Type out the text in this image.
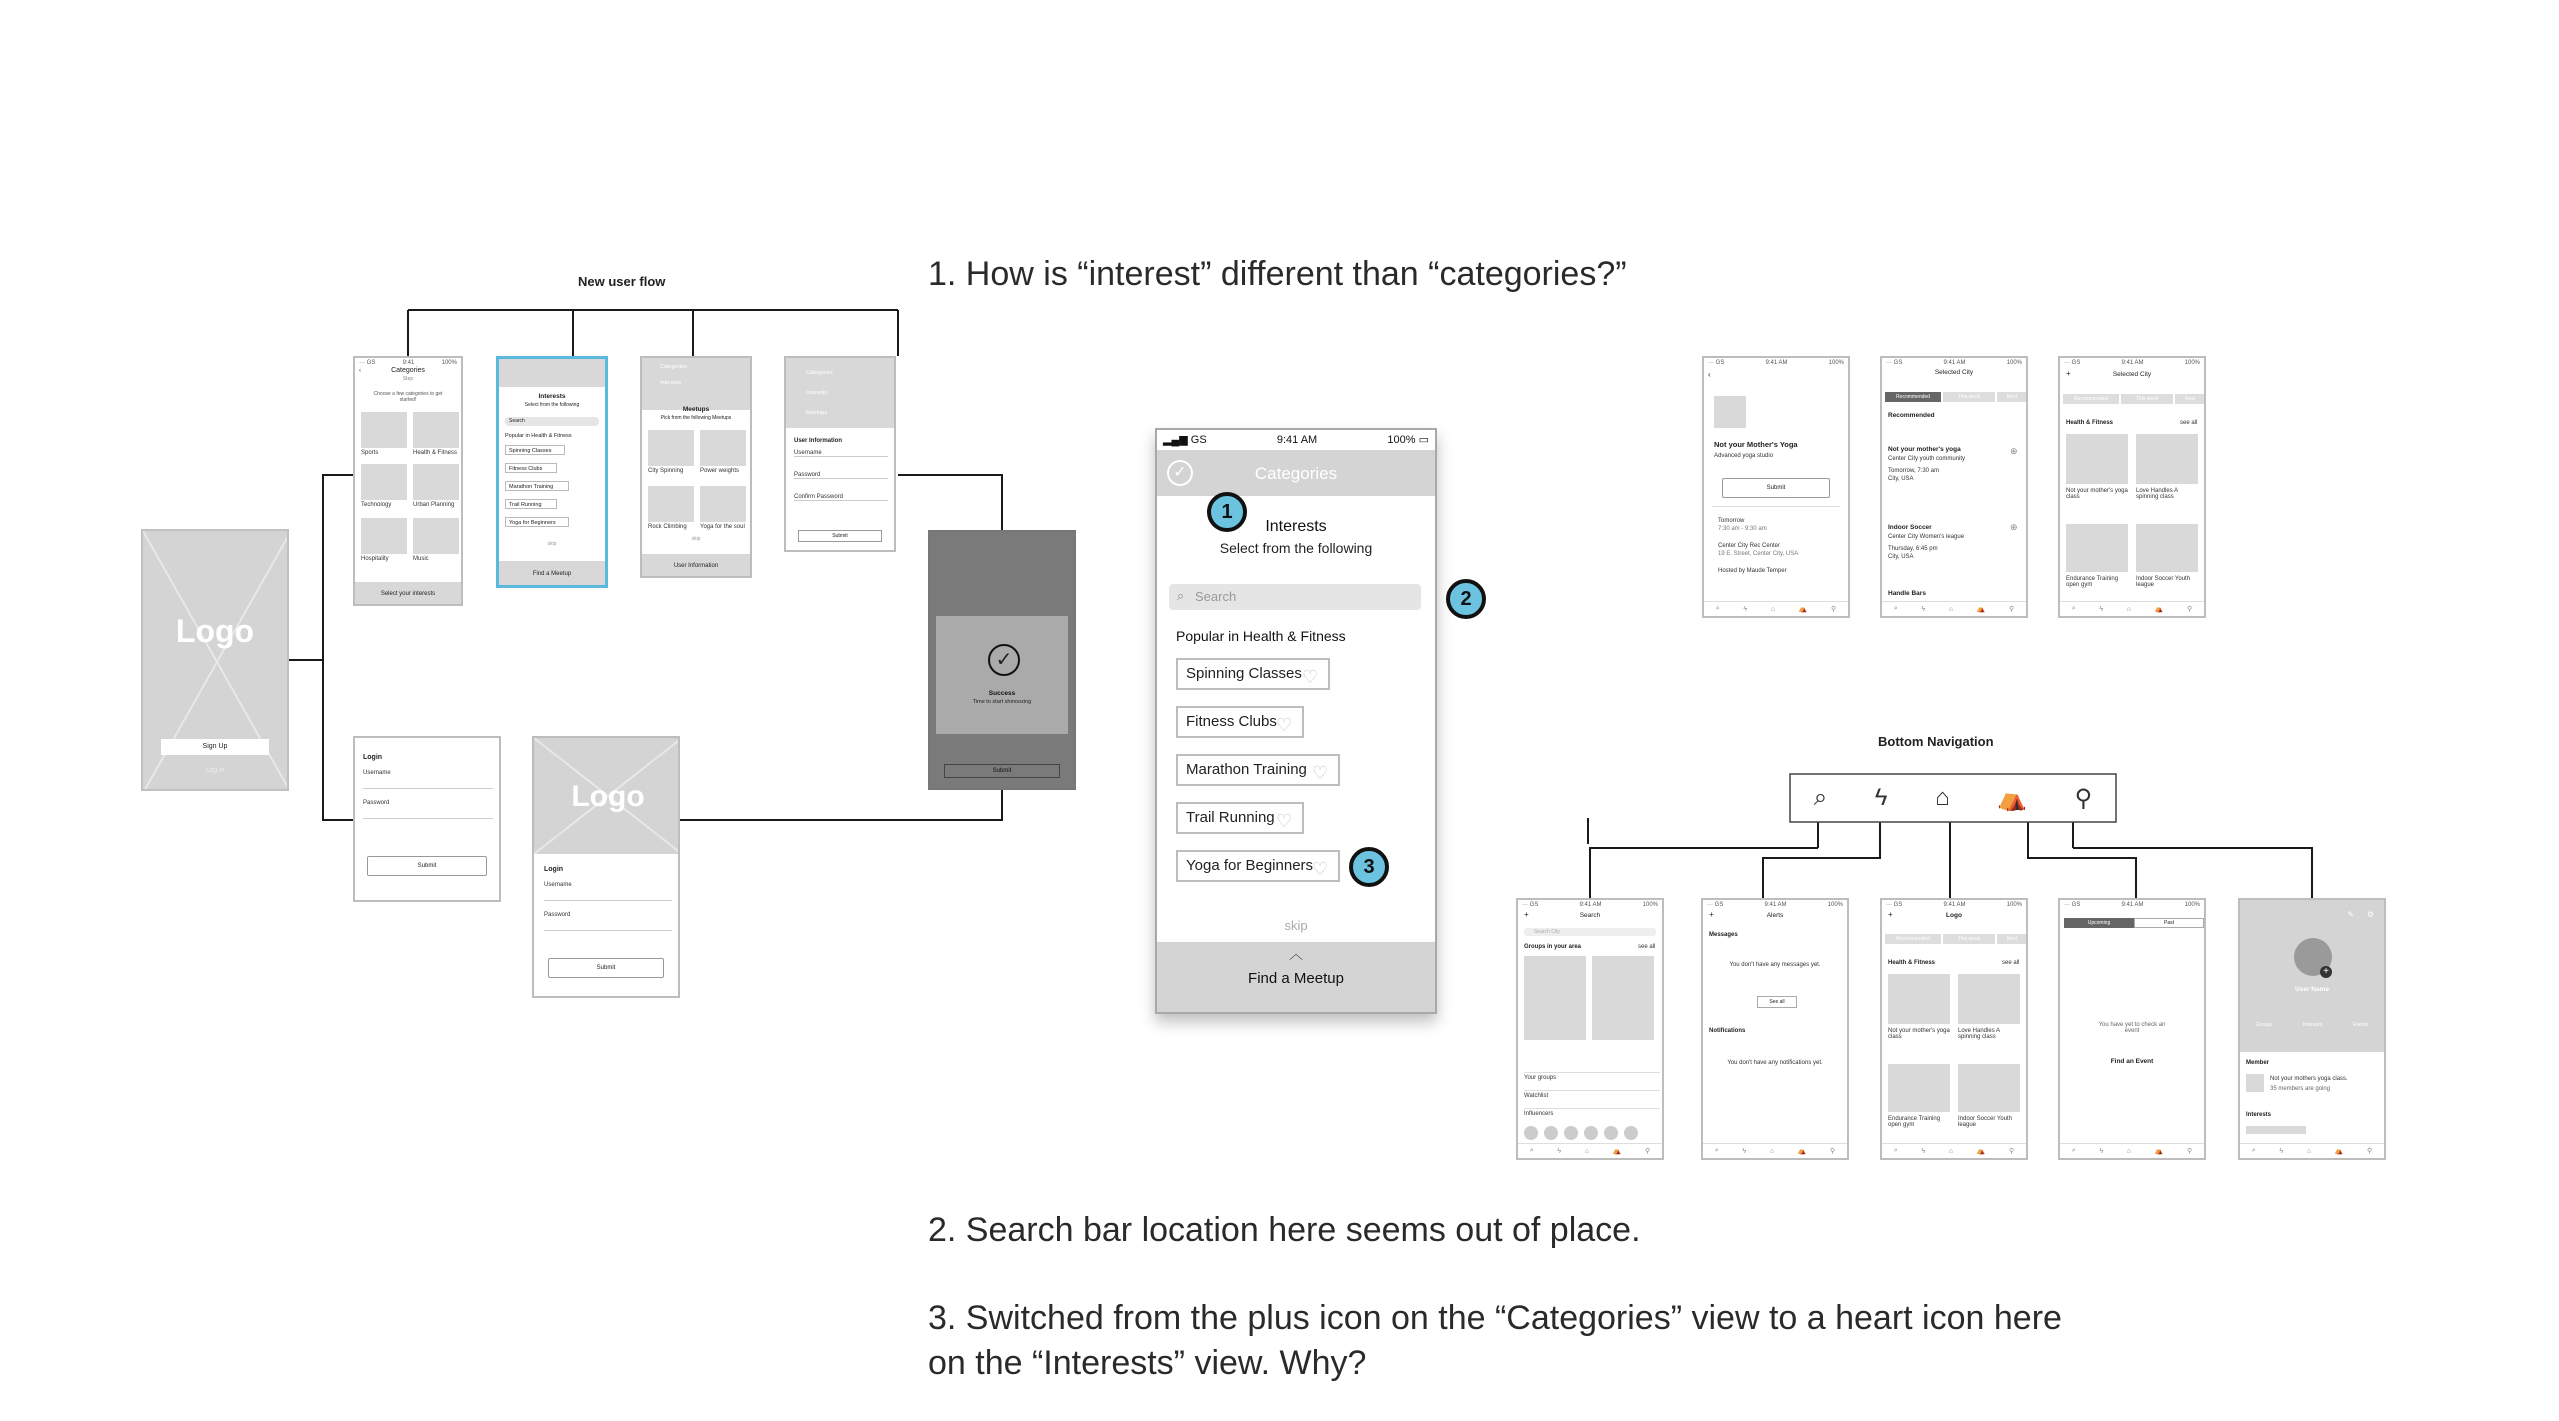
1. How is “interest” different than “categories?”
2. Search bar location here seems out of place.
3. Switched from the plus icon on the “Categories” view to a heart icon here on the “Interests” view. Why?
New user flow
Logo
Sign Up
Log in
··· GS	9:41	100%
‹	Categories
Step
Choose a few categories to get started!
Sports	Health & Fitness
Technology	Urban Planning
Hospitality	Music
Select your interests
Interests
Select from the following
Search
Popular in Health & Fitness
Spinning Classes
Fitness Clubs
Marathon Training
Trail Running
Yoga for Beginners
skip
Find a Meetup
Categories
Interests
Meetups
Pick from the following Meetups
City Spinning	Power weights
Rock Climbing Yoga for the soul
skip
User Information
Categories
Interests
Meetups
User Information
Username
Password
Confirm Password
Submit
✓
Success
Time to start shmoozing
Submit
Login
Username
Password
Submit
Logo
Login
Username
Password
Submit
▂▄▆ GS	9:41 AM	100% ▭
✓	Categories
Interests
Select from the following
⌕ Search
Popular in Health & Fitness
Spinning Classes ♡
Fitness Clubs ♡
Marathon Training ♡
Trail Running ♡
Yoga for Beginners
♡
skip
︿
Find a Meetup
1
2
3
··· GS	9:41 AM	100%
‹
Not your Mother's Yoga
Advanced yoga studio
Submit
Tomorrow
7:30 am - 9:30 am
Center City Rec Center
19 E. Street, Center City, USA
Hosted by Maude Temper
⌕	ϟ	⌂	⛺	⚲
··· GS	9:41 AM	100%
Selected City
Recommended	This week	Next
Recommended
Not your mother's yoga
Center City youth community
Tomorrow, 7:30 am
City, USA
⊕
Indoor Soccer
Center City Women's league
Thursday, 6:45 pm
City, USA
⊕
Handle Bars
⌕	ϟ	⌂	⛺	⚲
··· GS	9:41 AM	100%
+	Selected City
Recommended	This week	Next
Health & Fitness	see all
Not your mother's yoga class
Love Handles A spinning class
Endurance Training open gym
Indoor Soccer Youth league
⌕	ϟ	⌂	⛺	⚲
Bottom Navigation
⌕ ϟ ⌂ ⛺ ⚲
··· GS	9:41 AM	100%
+	Search
Search City
Groups in your area	see all
Your groups
Watchlist
Influencers
⌕	ϟ	⌂	⛺	⚲
··· GS	9:41 AM	100%
+	Alerts
Messages
You don't have any messages yet.
See all
Notifications
You don't have any notifications yet.
⌕	ϟ	⌂	⛺	⚲
··· GS	9:41 AM	100%
+	Logo
Recommended	This week	Next
Health & Fitness	see all
Not your mother's yoga class
Love Handles A spinning class
Endurance Training open gym
Indoor Soccer Youth league
⌕	ϟ	⌂	⛺	⚲
··· GS	9:41 AM	100%
Upcoming	Past
You have yet to check an event
Find an Event
⌕	ϟ	⌂	⛺	⚲
✎ ⚙
+
User Name
Groups	Interests	Events
Member
Not your mothers yoga class.
35 members are going
Interests
⌕	ϟ	⌂	⛺	⚲
